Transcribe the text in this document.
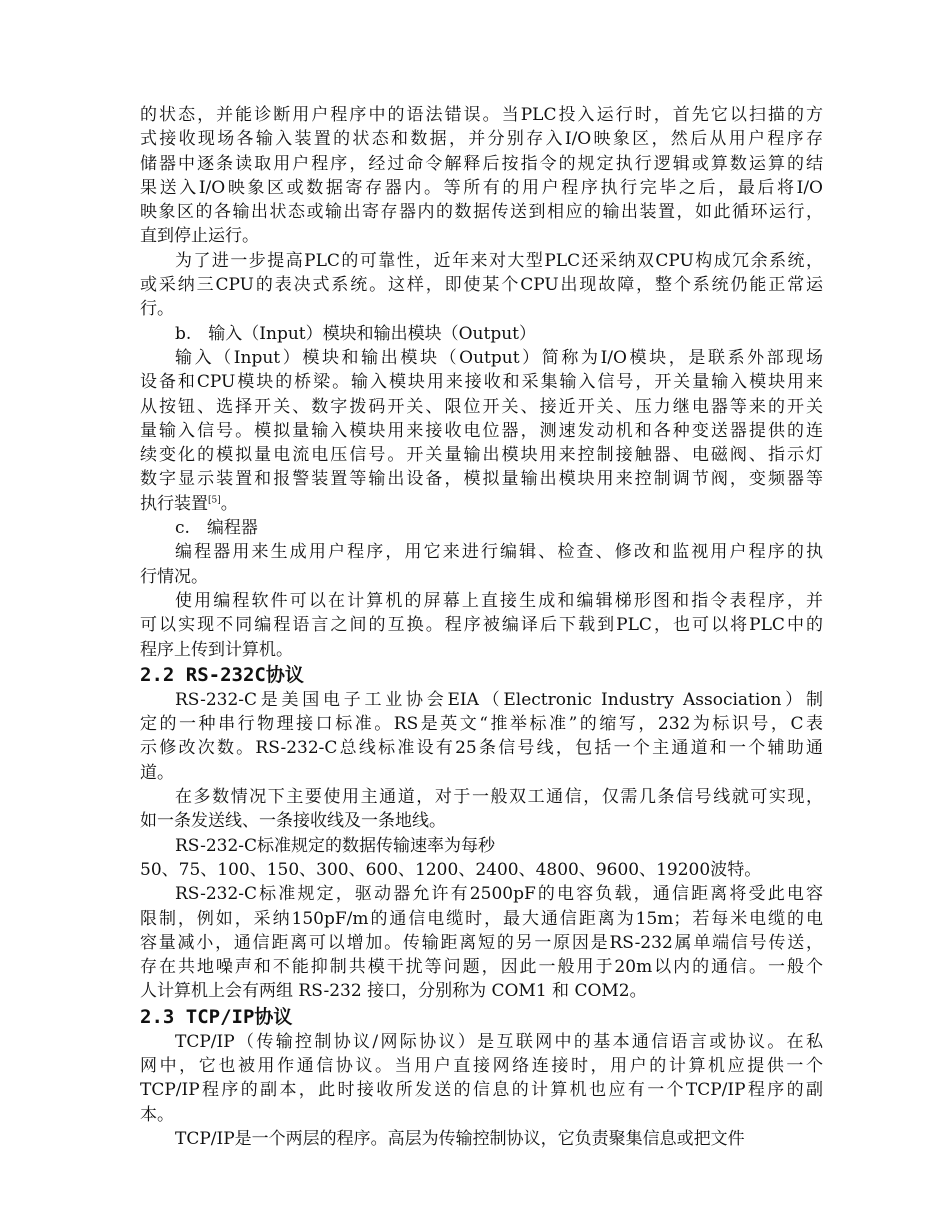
的状态，并能诊断用户程序中的语法错误。当PLC投入运行时，首先它以扫描的方
式接收现场各输入装置的状态和数据，并分别存入I/O映象区，然后从用户程序存
储器中逐条读取用户程序，经过命令解释后按指令的规定执行逻辑或算数运算的结
果送入I/O映象区或数据寄存器内。等所有的用户程序执行完毕之后，最后将I/O
映象区的各输出状态或输出寄存器内的数据传送到相应的输出装置，如此循环运行，
直到停止运行。
为了进一步提高PLC的可靠性，近年来对大型PLC还采纳双CPU构成冗余系统，
或采纳三CPU的表决式系统。这样，即使某个CPU出现故障，整个系统仍能正常运
行。
b.　输入（Input）模块和输出模块（Output）
输入（Input）模块和输出模块（Output）简称为I/O模块，是联系外部现场
设备和CPU模块的桥梁。输入模块用来接收和采集输入信号，开关量输入模块用来
从按钮、选择开关、数字拨码开关、限位开关、接近开关、压力继电器等来的开关
量输入信号。模拟量输入模块用来接收电位器，测速发动机和各种变送器提供的连
续变化的模拟量电流电压信号。开关量输出模块用来控制接触器、电磁阀、指示灯
数字显示装置和报警装置等输出设备，模拟量输出模块用来控制调节阀，变频器等
执行装置[5]。
c.　编程器
编程器用来生成用户程序，用它来进行编辑、检查、修改和监视用户程序的执
行情况。
使用编程软件可以在计算机的屏幕上直接生成和编辑梯形图和指令表程序，并
可以实现不同编程语言之间的互换。程序被编译后下载到PLC，也可以将PLC中的
程序上传到计算机。
2.2 RS-232C协议
RS-232-C是美国电子工业协会EIA（Electronic Industry Association）制
定的一种串行物理接口标准。RS是英文“推举标准”的缩写，232为标识号，C表
示修改次数。RS-232-C总线标准设有25条信号线，包括一个主通道和一个辅助通
道。
在多数情况下主要使用主通道，对于一般双工通信，仅需几条信号线就可实现，
如一条发送线、一条接收线及一条地线。
RS-232-C标准规定的数据传输速率为每秒
50、75、100、150、300、600、1200、2400、4800、9600、19200波特。
RS-232-C标准规定，驱动器允许有2500pF的电容负载，通信距离将受此电容
限制，例如，采纳150pF/m的通信电缆时，最大通信距离为15m；若每米电缆的电
容量减小，通信距离可以增加。传输距离短的另一原因是RS-232属单端信号传送，
存在共地噪声和不能抑制共模干扰等问题，因此一般用于20m以内的通信。一般个
人计算机上会有两组 RS-232 接口，分别称为 COM1 和 COM2。
2.3 TCP/IP协议
TCP/IP（传输控制协议/网际协议）是互联网中的基本通信语言或协议。在私
网中，它也被用作通信协议。当用户直接网络连接时，用户的计算机应提供一个
TCP/IP程序的副本，此时接收所发送的信息的计算机也应有一个TCP/IP程序的副
本。
TCP/IP是一个两层的程序。高层为传输控制协议，它负责聚集信息或把文件
